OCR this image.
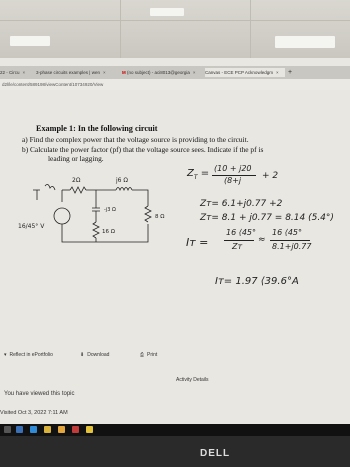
22 - Circu ×	3-phase circuits examples | wen ×	M (no subject) - aci8013@georgia ×	Canvas - ECE PCP Acknowledgm ×	+
d2l/le/content/589198/viewContent/10734920/View
Example 1: In the following circuit
a) Find the complex power that the voltage source is providing to the circuit.
b) Calculate the power factor (pf) that the voltage source sees. Indicate if the pf is
leading or lagging.
16/45° V
2Ω	j6 Ω
-j3 Ω
16 Ω
8 Ω
$Z_T = (10 + j20$
(8+j + 2
Zᴛ= 6.1+j0.77 +2
Zᴛ= 8.1 + j0.77 = 8.14 (5.4°)
Iᴛ =
16 ⟨45°
Zᴛ
≈
16 ⟨45°
8.1+j0.77
Iᴛ= 1.97 ⟨39.6°A
▾ Reflect in ePortfolio	⬇ Download	⎙ Print
Activity Details
You have viewed this topic
Visited Oct 3, 2022 7:11 AM
DELL
